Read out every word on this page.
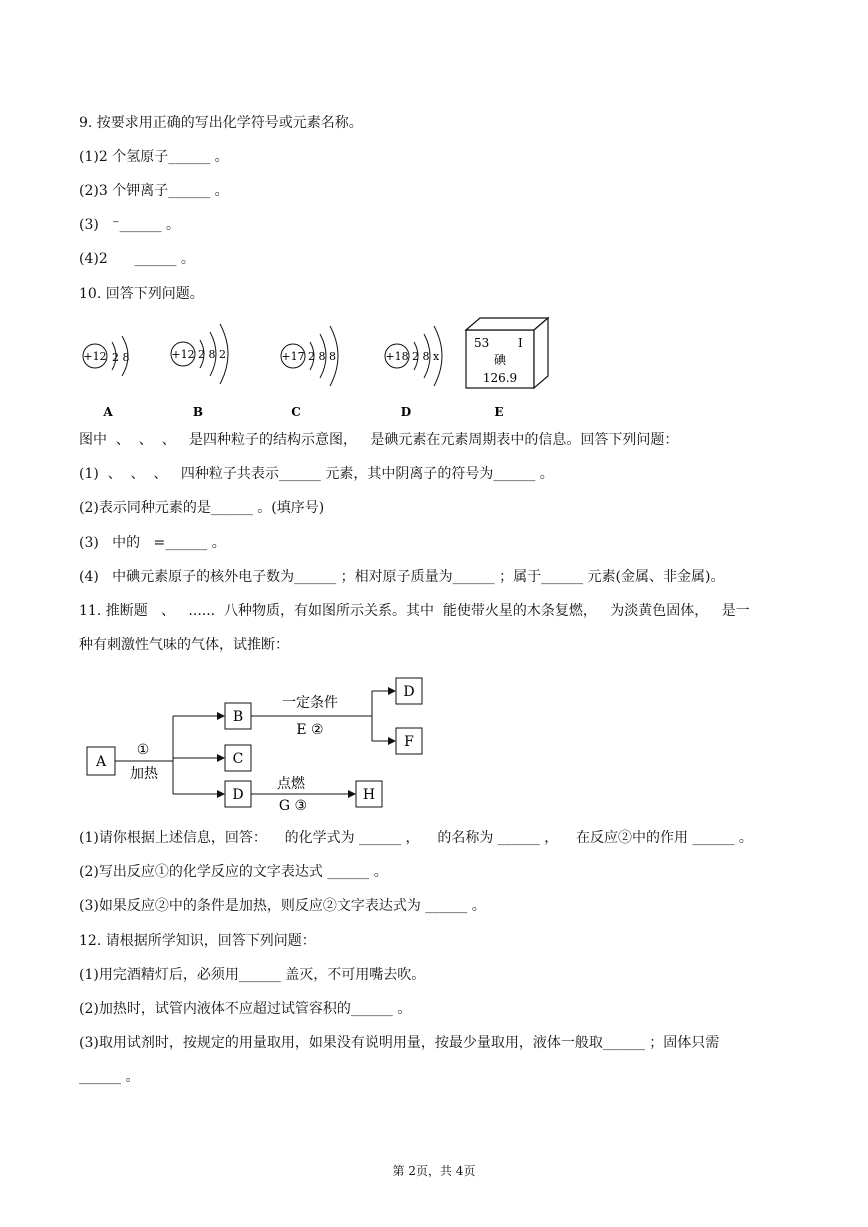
9. 按要求用正确的写出化学符号或元素名称。
(1)2 个氢原子______ 。
(2)3 个钾离子______ 。
(3)   ⁻______ 。
(4)2      ______ 。
10. 回答下列问题。
+12 2 8
A
+12 2 8 2
B
+17 2 8 8
C
+18 2 8 x
D
53 I
碘
126.9
E
图中  、  、  、   是四种粒子的结构示意图，   是碘元素在元素周期表中的信息。回答下列问题：
(1)  、  、  、   四种粒子共表示______ 元素，其中阴离子的符号为______ 。
(2)表示同种元素的是______ 。(填序号)
(3)   中的   =______ 。
(4)   中碘元素原子的核外电子数为______ ；相对原子质量为______ ；属于______ 元素(金属、非金属)。
11. 推断题   、   ......  八种物质，有如图所示关系。其中  能使带火星的木条复燃，   为淡黄色固体，   是一
种有刺激性气味的气体，试推断：
A
B
C
D
D
F
H
①
加热
一定条件
E ②
点燃
G ③
(1)请你根据上述信息，回答：    的化学式为 ______ ，    的名称为 ______ ，    在反应②中的作用 ______ 。
(2)写出反应①的化学反应的文字表达式 ______ 。
(3)如果反应②中的条件是加热，则反应②文字表达式为 ______ 。
12. 请根据所学知识，回答下列问题：
(1)用完酒精灯后，必须用______ 盖灭，不可用嘴去吹。
(2)加热时，试管内液体不应超过试管容积的______ 。
(3)取用试剂时，按规定的用量取用，如果没有说明用量，按最少量取用，液体一般取______ ；固体只需
______ 。
第 2页，共 4页
